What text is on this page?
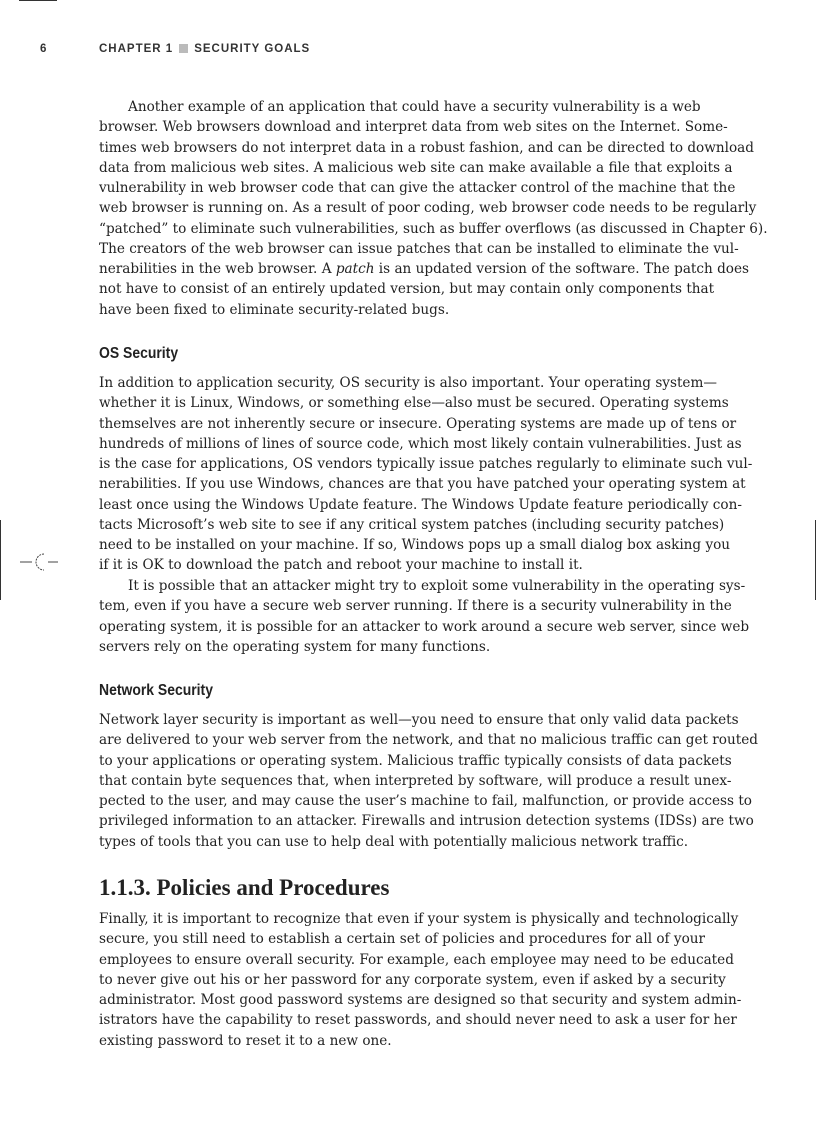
6	CHAPTER 1 SECURITY GOALS
Another example of an application that could have a security vulnerability is a web
browser. Web browsers download and interpret data from web sites on the Internet. Some-
times web browsers do not interpret data in a robust fashion, and can be directed to download
data from malicious web sites. A malicious web site can make available a file that exploits a
vulnerability in web browser code that can give the attacker control of the machine that the
web browser is running on. As a result of poor coding, web browser code needs to be regularly
“patched” to eliminate such vulnerabilities, such as buffer overflows (as discussed in Chapter 6).
The creators of the web browser can issue patches that can be installed to eliminate the vul-
nerabilities in the web browser. A patch is an updated version of the software. The patch does
not have to consist of an entirely updated version, but may contain only components that
have been fixed to eliminate security-related bugs.
OS Security
In addition to application security, OS security is also important. Your operating system—
whether it is Linux, Windows, or something else—also must be secured. Operating systems
themselves are not inherently secure or insecure. Operating systems are made up of tens or
hundreds of millions of lines of source code, which most likely contain vulnerabilities. Just as
is the case for applications, OS vendors typically issue patches regularly to eliminate such vul-
nerabilities. If you use Windows, chances are that you have patched your operating system at
least once using the Windows Update feature. The Windows Update feature periodically con-
tacts Microsoft’s web site to see if any critical system patches (including security patches)
need to be installed on your machine. If so, Windows pops up a small dialog box asking you
if it is OK to download the patch and reboot your machine to install it.
It is possible that an attacker might try to exploit some vulnerability in the operating sys-
tem, even if you have a secure web server running. If there is a security vulnerability in the
operating system, it is possible for an attacker to work around a secure web server, since web
servers rely on the operating system for many functions.
Network Security
Network layer security is important as well—you need to ensure that only valid data packets
are delivered to your web server from the network, and that no malicious traffic can get routed
to your applications or operating system. Malicious traffic typically consists of data packets
that contain byte sequences that, when interpreted by software, will produce a result unex-
pected to the user, and may cause the user’s machine to fail, malfunction, or provide access to
privileged information to an attacker. Firewalls and intrusion detection systems (IDSs) are two
types of tools that you can use to help deal with potentially malicious network traffic.
1.1.3. Policies and Procedures
Finally, it is important to recognize that even if your system is physically and technologically
secure, you still need to establish a certain set of policies and procedures for all of your
employees to ensure overall security. For example, each employee may need to be educated
to never give out his or her password for any corporate system, even if asked by a security
administrator. Most good password systems are designed so that security and system admin-
istrators have the capability to reset passwords, and should never need to ask a user for her
existing password to reset it to a new one.
